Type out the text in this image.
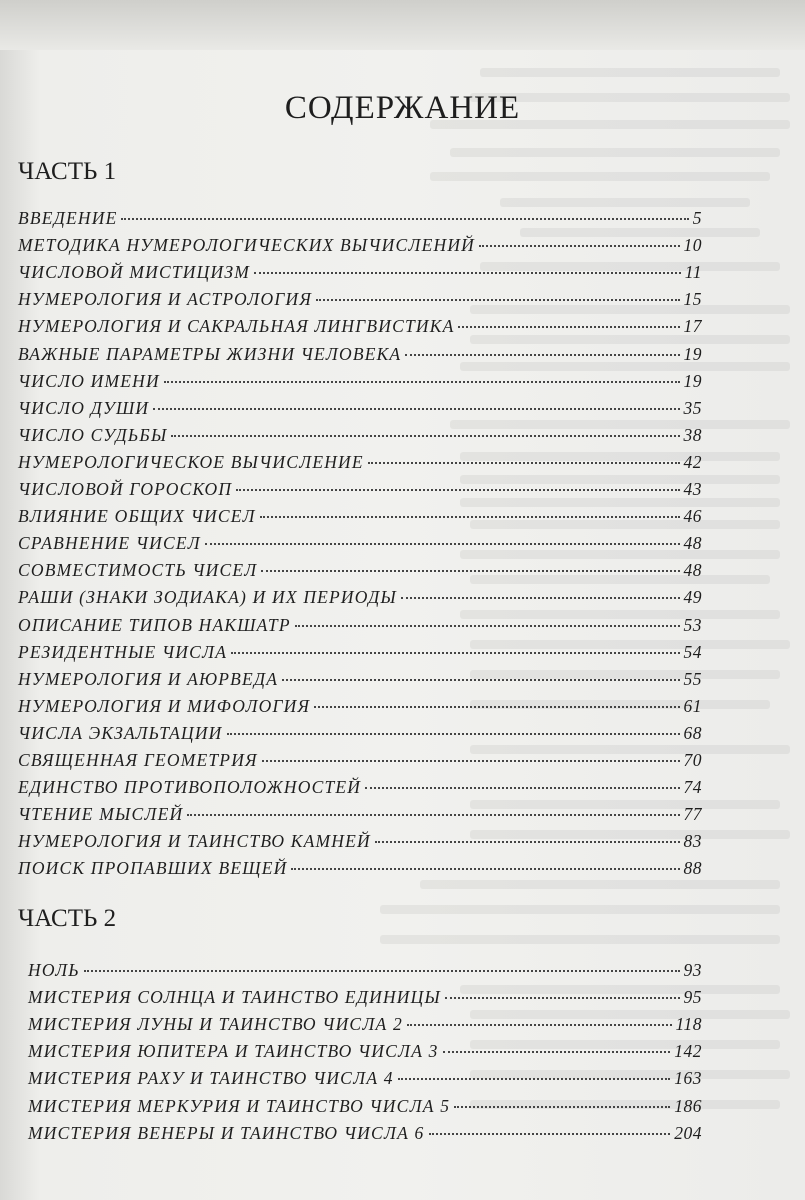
СОДЕРЖАНИЕ
ЧАСТЬ 1
ВВЕДЕНИЕ	5
МЕТОДИКА НУМЕРОЛОГИЧЕСКИХ ВЫЧИСЛЕНИЙ	10
ЧИСЛОВОЙ МИСТИЦИЗМ	11
НУМЕРОЛОГИЯ И АСТРОЛОГИЯ	15
НУМЕРОЛОГИЯ И САКРАЛЬНАЯ ЛИНГВИСТИКА	17
ВАЖНЫЕ ПАРАМЕТРЫ ЖИЗНИ ЧЕЛОВЕКА	19
ЧИСЛО ИМЕНИ	19
ЧИСЛО ДУШИ	35
ЧИСЛО СУДЬБЫ	38
НУМЕРОЛОГИЧЕСКОЕ ВЫЧИСЛЕНИЕ	42
ЧИСЛОВОЙ ГОРОСКОП	43
ВЛИЯНИЕ ОБЩИХ ЧИСЕЛ	46
СРАВНЕНИЕ ЧИСЕЛ	48
СОВМЕСТИМОСТЬ ЧИСЕЛ	48
РАШИ (ЗНАКИ ЗОДИАКА) И ИХ ПЕРИОДЫ	49
ОПИСАНИЕ ТИПОВ НАКШАТР	53
РЕЗИДЕНТНЫЕ ЧИСЛА	54
НУМЕРОЛОГИЯ И АЮРВЕДА	55
НУМЕРОЛОГИЯ И МИФОЛОГИЯ	61
ЧИСЛА ЭКЗАЛЬТАЦИИ	68
СВЯЩЕННАЯ ГЕОМЕТРИЯ	70
ЕДИНСТВО ПРОТИВОПОЛОЖНОСТЕЙ	74
ЧТЕНИЕ МЫСЛЕЙ	77
НУМЕРОЛОГИЯ И ТАИНСТВО КАМНЕЙ	83
ПОИСК ПРОПАВШИХ ВЕЩЕЙ	88
ЧАСТЬ 2
НОЛЬ	93
МИСТЕРИЯ СОЛНЦА И ТАИНСТВО ЕДИНИЦЫ	95
МИСТЕРИЯ ЛУНЫ И ТАИНСТВО ЧИСЛА 2	118
МИСТЕРИЯ ЮПИТЕРА И ТАИНСТВО ЧИСЛА 3	142
МИСТЕРИЯ РАХУ И ТАИНСТВО ЧИСЛА 4	163
МИСТЕРИЯ МЕРКУРИЯ И ТАИНСТВО ЧИСЛА 5	186
МИСТЕРИЯ ВЕНЕРЫ И ТАИНСТВО ЧИСЛА 6	204
